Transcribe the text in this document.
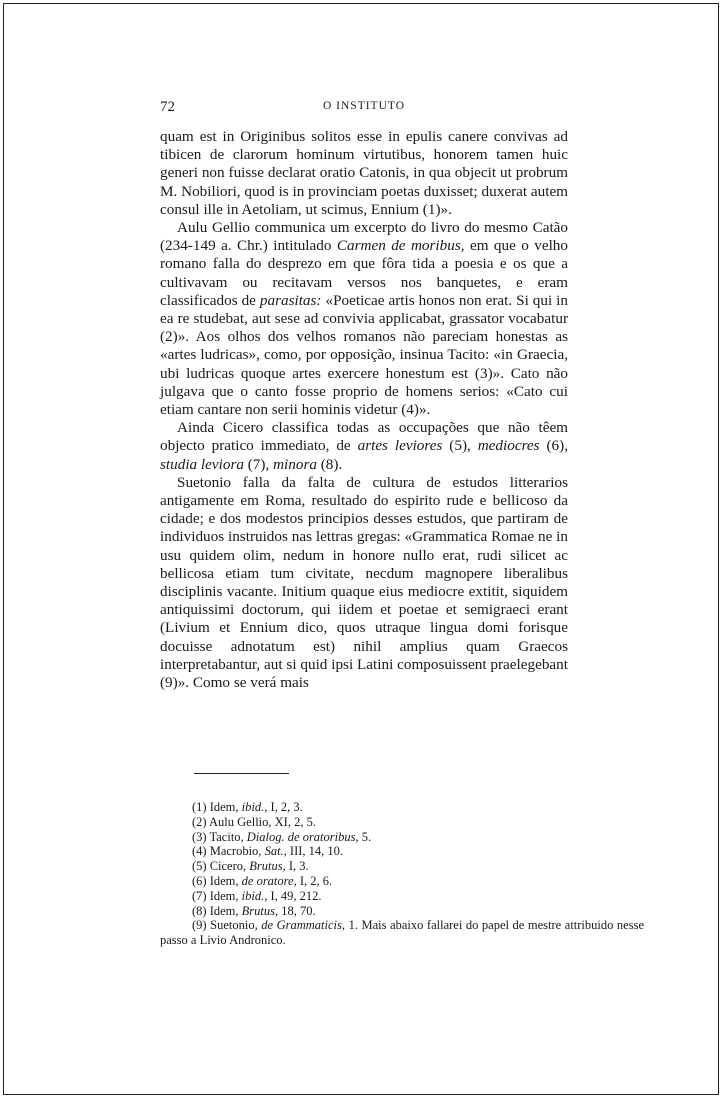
72	O INSTITUTO

quam est in Originibus solitos esse in epulis canere convivas ad tibicen de clarorum hominum virtutibus, honorem tamen huic generi non fuisse declarat oratio Catonis, in qua objecit ut probrum M. Nobiliori, quod is in provinciam poetas duxisset; duxerat autem consul ille in Aetoliam, ut scimus, Ennium (1)».

Aulu Gellio communica um excerpto do livro do mesmo Catão (234-149 a. Chr.) intitulado Carmen de moribus, em que o velho romano falla do desprezo em que fôra tida a poesia e os que a cultivavam ou recitavam versos nos banquetes, e eram classificados de parasitas: «Poeticae artis honos non erat. Si qui in ea re studebat, aut sese ad convivia applicabat, grassator vocabatur (2)». Aos olhos dos velhos romanos não pareciam honestas as «artes ludricas», como, por opposição, insinua Tacito: «in Graecia, ubi ludricas quoque artes exercere honestum est (3)». Cato não julgava que o canto fosse proprio de homens serios: «Cato cui etiam cantare non serii hominis videtur (4)».

Ainda Cicero classifica todas as occupações que não têem objecto pratico immediato, de artes leviores (5), mediocres (6), studia leviora (7), minora (8).

Suetonio falla da falta de cultura de estudos litterarios antigamente em Roma, resultado do espirito rude e bellicoso da cidade; e dos modestos principios desses estudos, que partiram de individuos instruidos nas lettras gregas: «Grammatica Romae ne in usu quidem olim, nedum in honore nullo erat, rudi silicet ac bellicosa etiam tum civitate, necdum magnopere liberalibus disciplinis vacante. Initium quaque eius mediocre extitit, siquidem antiquissimi doctorum, qui iidem et poetae et semigraeci erant (Livium et Ennium dico, quos utraque lingua domi forisque docuisse adnotatum est) nihil amplius quam Graecos interpretabantur, aut si quid ipsi Latini composuissent praelegebant (9)». Como se verá mais

(1) Idem, ibid., I, 2, 3.

(2) Aulu Gellio, XI, 2, 5.

(3) Tacito, Dialog. de oratoribus, 5.

(4) Macrobio, Sat., III, 14, 10.

(5) Cicero, Brutus, I, 3.

(6) Idem, de oratore, I, 2, 6.

(7) Idem, ibid., I, 49, 212.

(8) Idem, Brutus, 18, 70.

(9) Suetonio, de Grammaticis, 1. Mais abaixo fallarei do papel de mestre attribuido nesse passo a Livio Andronico.
